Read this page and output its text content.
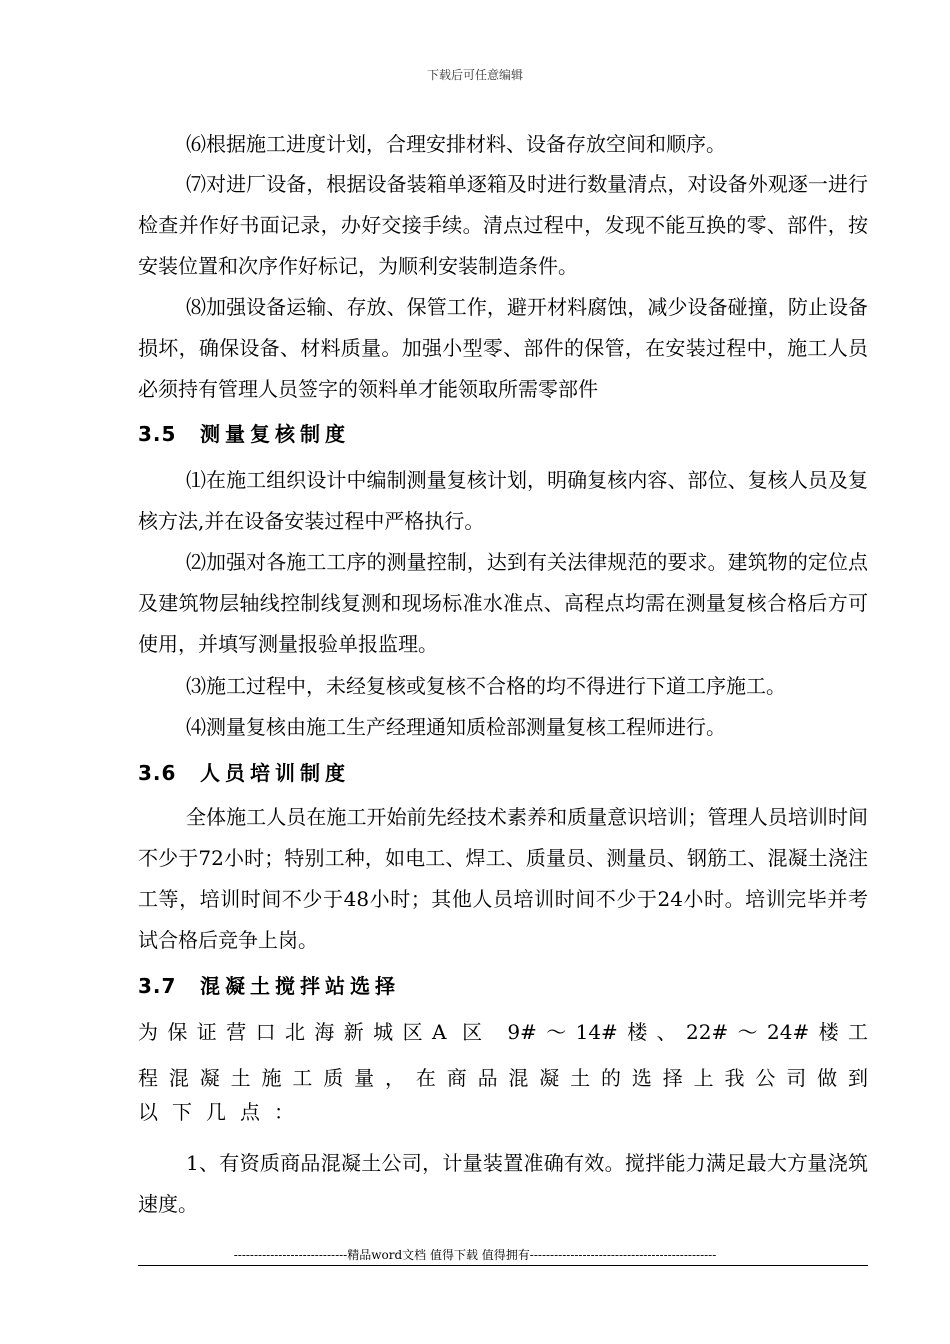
下载后可任意编辑

⑹根据施工进度计划，合理安排材料、设备存放空间和顺序。

⑺对进厂设备，根据设备装箱单逐箱及时进行数量清点，对设备外观逐一进行检查并作好书面记录，办好交接手续。清点过程中，发现不能互换的零、部件，按安装位置和次序作好标记，为顺利安装制造条件。

⑻加强设备运输、存放、保管工作，避开材料腐蚀，减少设备碰撞，防止设备损坏，确保设备、材料质量。加强小型零、部件的保管，在安装过程中，施工人员必须持有管理人员签字的领料单才能领取所需零部件

3.5 测量复核制度

⑴在施工组织设计中编制测量复核计划，明确复核内容、部位、复核人员及复核方法,并在设备安装过程中严格执行。

⑵加强对各施工工序的测量控制，达到有关法律规范的要求。建筑物的定位点及建筑物层轴线控制线复测和现场标准水准点、高程点均需在测量复核合格后方可使用，并填写测量报验单报监理。

⑶施工过程中，未经复核或复核不合格的均不得进行下道工序施工。

⑷测量复核由施工生产经理通知质检部测量复核工程师进行。

3.6 人员培训制度

全体施工人员在施工开始前先经技术素养和质量意识培训；管理人员培训时间不少于72小时；特别工种，如电工、焊工、质量员、测量员、钢筋工、混凝土浇注工等，培训时间不少于48小时；其他人员培训时间不少于24小时。培训完毕并考试合格后竞争上岗。

3.7 混凝土搅拌站选择

为保证营口北海新城区A 区 9#～14#楼、22#～24#楼工

程混凝土施工质量，在商品混凝土的选择上我公司做到

以下几点：

1、有资质商品混凝土公司，计量装置准确有效。搅拌能力满足最大方量浇筑速度。

----------------------------精品word文档 值得下载 值得拥有----------------------------------------------
